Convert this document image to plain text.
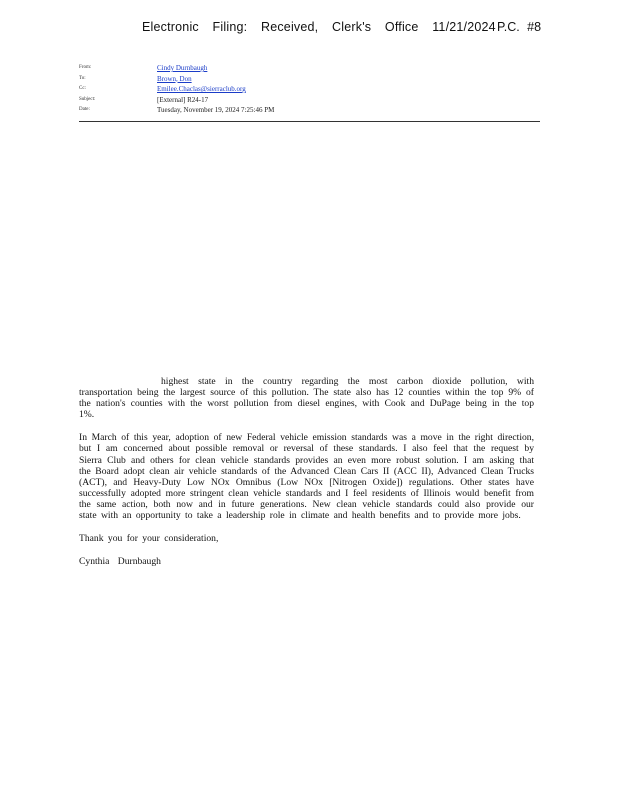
Electronic Filing: Received, Clerk's Office 11/21/2024 P.C. #8
From:	Cindy Durnbaugh
To:	Brown, Don
Cc:	Emilee.Chaclas@sierraclub.org
Subject:	[External] R24-17
Date:	Tuesday, November 19, 2024 7:25:46 PM

highest state in the country regarding the most carbon dioxide pollution, with transportation being the largest source of this pollution. The state also has 12 counties within the top 9% of the nation's counties with the worst pollution from diesel engines, with Cook and DuPage being in the top 1%.

In March of this year, adoption of new Federal vehicle emission standards was a move in the right direction, but I am concerned about possible removal or reversal of these standards. I also feel that the request by Sierra Club and others for clean vehicle standards provides an even more robust solution. I am asking that the Board adopt clean air vehicle standards of the Advanced Clean Cars II (ACC II), Advanced Clean Trucks (ACT), and Heavy-Duty Low NOx Omnibus (Low NOx [Nitrogen Oxide]) regulations. Other states have successfully adopted more stringent clean vehicle standards and I feel residents of Illinois would benefit from the same action, both now and in future generations. New clean vehicle standards could also provide our state with an opportunity to take a leadership role in climate and health benefits and to provide more jobs.

Thank you for your consideration,

Cynthia Durnbaugh
